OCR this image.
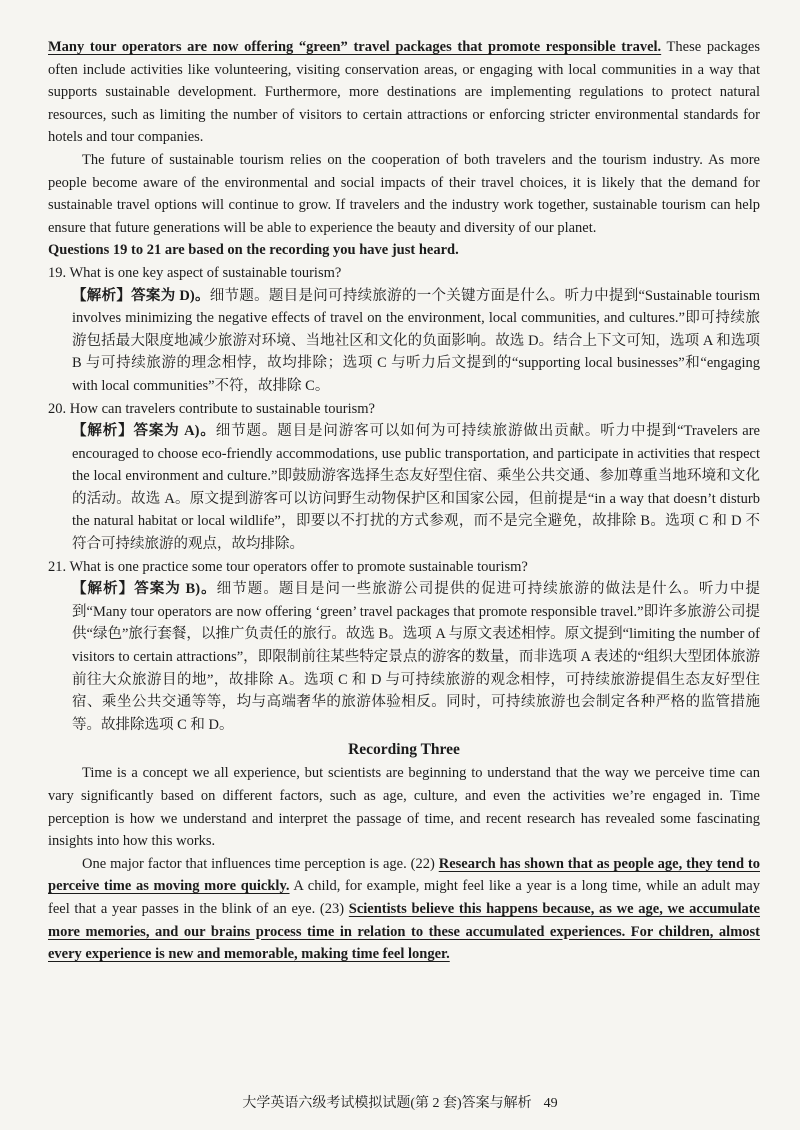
Many tour operators are now offering “green” travel packages that promote responsible travel. These packages often include activities like volunteering, visiting conservation areas, or engaging with local communities in a way that supports sustainable development. Furthermore, more destinations are implementing regulations to protect natural resources, such as limiting the number of visitors to certain attractions or enforcing stricter environmental standards for hotels and tour companies.

The future of sustainable tourism relies on the cooperation of both travelers and the tourism industry. As more people become aware of the environmental and social impacts of their travel choices, it is likely that the demand for sustainable travel options will continue to grow. If travelers and the industry work together, sustainable tourism can help ensure that future generations will be able to experience the beauty and diversity of our planet.

Questions 19 to 21 are based on the recording you have just heard.

19. What is one key aspect of sustainable tourism?

【解析】答案为 D)。细节题。题目是问可持续旅游的一个关键方面是什么。听力中提到“Sustainable tourism involves minimizing the negative effects of travel on the environment, local communities, and cultures.”即可持续旅游包括最大限度地减少旅游对环境、当地社区和文化的负面影响。故选 D。结合上下文可知，选项 A 和选项 B 与可持续旅游的理念相悖，故均排除；选项 C 与听力后文提到的“supporting local businesses”和“engaging with local communities”不符，故排除 C。

20. How can travelers contribute to sustainable tourism?

【解析】答案为 A)。细节题。题目是问游客可以如何为可持续旅游做出贡献。听力中提到“Travelers are encouraged to choose eco-friendly accommodations, use public transportation, and participate in activities that respect the local environment and culture.”即鼓励游客选择生态友好型住宿、乘坐公共交通、参加尊重当地环境和文化的活动。故选 A。原文提到游客可以访问野生动物保护区和国家公园，但前提是“in a way that doesn’t disturb the natural habitat or local wildlife”，即要以不打扰的方式参观，而不是完全避免，故排除 B。选项 C 和 D 不符合可持续旅游的观点，故均排除。

21. What is one practice some tour operators offer to promote sustainable tourism?

【解析】答案为 B)。细节题。题目是问一些旅游公司提供的促进可持续旅游的做法是什么。听力中提到“Many tour operators are now offering ‘green’ travel packages that promote responsible travel.”即许多旅游公司提供“绿色”旅行套餐，以推广负责任的旅行。故选 B。选项 A 与原文表述相悖。原文提到“limiting the number of visitors to certain attractions”，即限制前往某些特定景点的游客的数量，而非选项 A 表述的“组织大型团体旅游前往大众旅游目的地”，故排除 A。选项 C 和 D 与可持续旅游的观念相悖，可持续旅游提倡生态友好型住宿、乘坐公共交通等等，均与高端奢华的旅游体验相反。同时，可持续旅游也会制定各种严格的监管措施等。故排除选项 C 和 D。

Recording Three

Time is a concept we all experience, but scientists are beginning to understand that the way we perceive time can vary significantly based on different factors, such as age, culture, and even the activities we’re engaged in. Time perception is how we understand and interpret the passage of time, and recent research has revealed some fascinating insights into how this works.

One major factor that influences time perception is age. (22) Research has shown that as people age, they tend to perceive time as moving more quickly. A child, for example, might feel like a year is a long time, while an adult may feel that a year passes in the blink of an eye. (23) Scientists believe this happens because, as we age, we accumulate more memories, and our brains process time in relation to these accumulated experiences. For children, almost every experience is new and memorable, making time feel longer.

大学英语六级考试模拟试题(第 2 套)答案与解析 49
